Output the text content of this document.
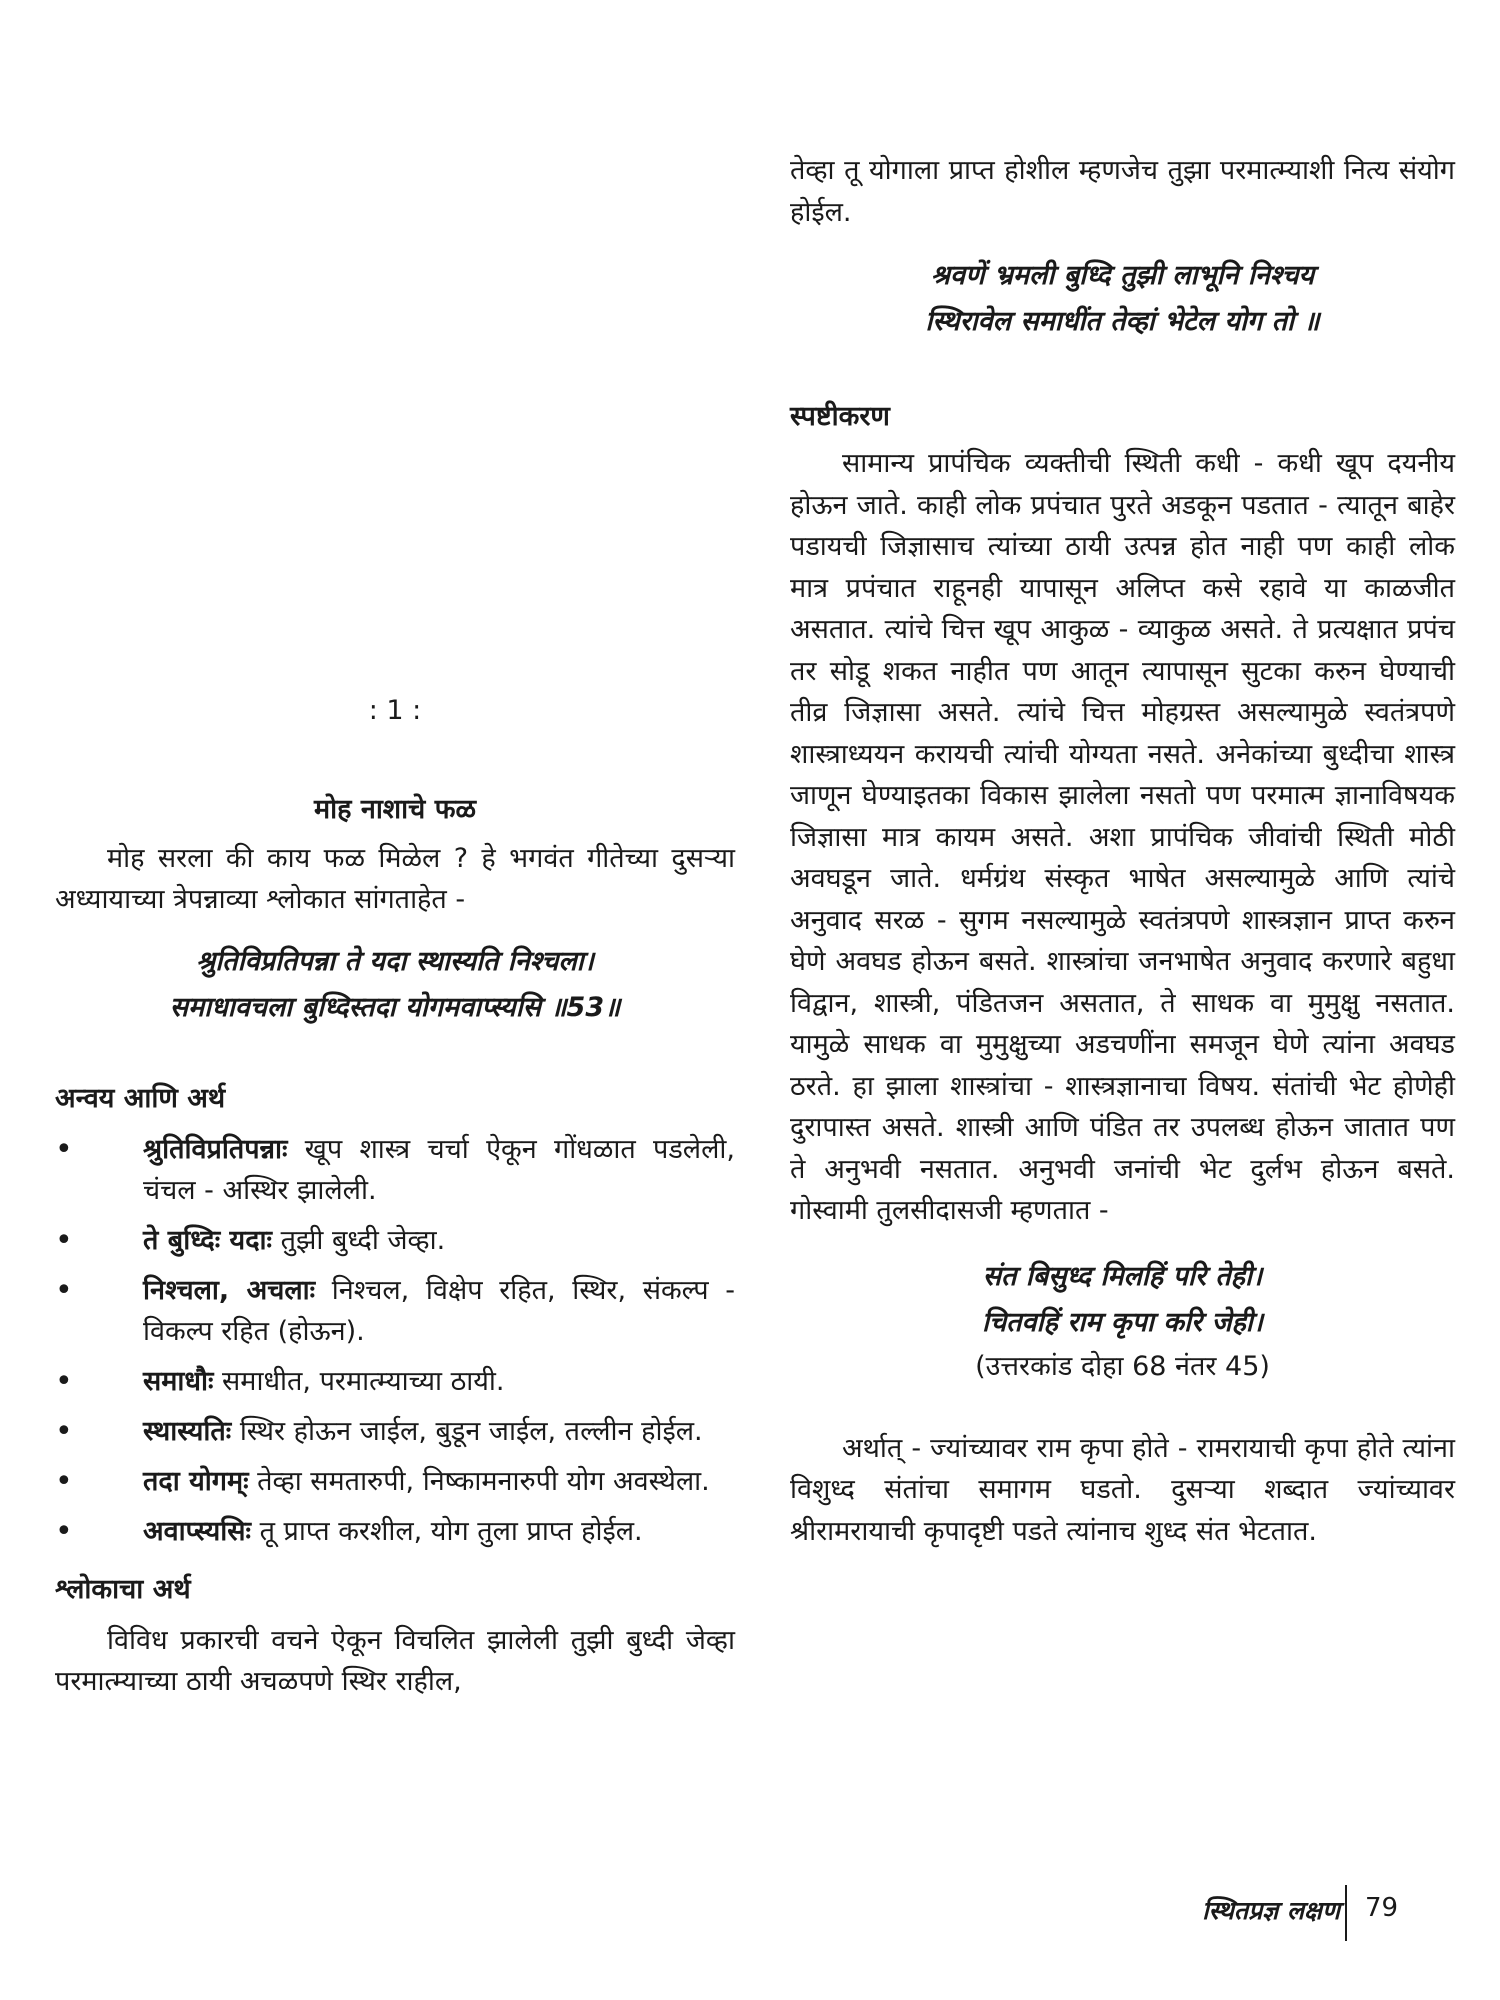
तेव्हा तू योगाला प्राप्त होशील म्हणजेच तुझा परमात्म्याशी नित्य संयोग होईल.

श्रवणें भ्रमली बुध्दि तुझी लाभूनि निश्चय

स्थिरावेल समाधींत तेव्हां भेटेल योग तो ॥

स्पष्टीकरण

सामान्य प्रापंचिक व्यक्तीची स्थिती कधी - कधी खूप दयनीय होऊन जाते. काही लोक प्रपंचात पुरते अडकून पडतात - त्यातून बाहेर पडायची जिज्ञासाच त्यांच्या ठायी उत्पन्न होत नाही पण काही लोक मात्र प्रपंचात राहूनही यापासून अलिप्त कसे रहावे या काळजीत असतात. त्यांचे चित्त खूप आकुळ - व्याकुळ असते. ते प्रत्यक्षात प्रपंच तर सोडू शकत नाहीत पण आतून त्यापासून सुटका करुन घेण्याची तीव्र जिज्ञासा असते. त्यांचे चित्त मोहग्रस्त असल्यामुळे स्वतंत्रपणे शास्त्राध्ययन करायची त्यांची योग्यता नसते. अनेकांच्या बुध्दीचा शास्त्र जाणून घेण्याइतका विकास झालेला नसतो पण परमात्म ज्ञानाविषयक जिज्ञासा मात्र कायम असते. अशा प्रापंचिक जीवांची स्थिती मोठी अवघडून जाते. धर्मग्रंथ संस्कृत भाषेत असल्यामुळे आणि त्यांचे अनुवाद सरळ - सुगम नसल्यामुळे स्वतंत्रपणे शास्त्रज्ञान प्राप्त करुन घेणे अवघड होऊन बसते. शास्त्रांचा जनभाषेत अनुवाद करणारे बहुधा विद्वान, शास्त्री, पंडितजन असतात, ते साधक वा मुमुक्षु नसतात. यामुळे साधक वा मुमुक्षुच्या अडचणींना समजून घेणे त्यांना अवघड ठरते. हा झाला शास्त्रांचा - शास्त्रज्ञानाचा विषय. संतांची भेट होणेही दुरापास्त असते. शास्त्री आणि पंडित तर उपलब्ध होऊन जातात पण ते अनुभवी नसतात. अनुभवी जनांची भेट दुर्लभ होऊन बसते. गोस्वामी तुलसीदासजी म्हणतात -

संत बिसुध्द मिलहिं परि तेही।

चितवहिं राम कृपा करि जेही।

(उत्तरकांड दोहा 68 नंतर 45)

अर्थात् - ज्यांच्यावर राम कृपा होते - रामरायाची कृपा होते त्यांना विशुध्द संतांचा समागम घडतो. दुसऱ्या शब्दात ज्यांच्यावर श्रीरामरायाची कृपादृष्टी पडते त्यांनाच शुध्द संत भेटतात.

: 1 :

मोह नाशाचे फळ

मोह सरला की काय फळ मिळेल ? हे भगवंत गीतेच्या दुसऱ्या अध्यायाच्या त्रेपन्नाव्या श्लोकात सांगताहेत -

श्रुतिविप्रतिपन्ना ते यदा स्थास्यति निश्चला।

समाधावचला बुध्दिस्तदा योगमवाप्स्यसि ॥53॥

अन्वय आणि अर्थ

•	श्रुतिविप्रतिपन्नाः खूप शास्त्र चर्चा ऐकून गोंधळात पडलेली, चंचल - अस्थिर झालेली.
•	ते बुध्दिः यदाः तुझी बुध्दी जेव्हा.
•	निश्चला, अचलाः निश्चल, विक्षेप रहित, स्थिर, संकल्प - विकल्प रहित (होऊन).
•	समाधौः समाधीत, परमात्म्याच्या ठायी.
•	स्थास्यतिः स्थिर होऊन जाईल, बुडून जाईल, तल्लीन होईल.
•	तदा योगम्ः तेव्हा समतारुपी, निष्कामनारुपी योग अवस्थेला.
•	अवाप्स्यसिः तू प्राप्त करशील, योग तुला प्राप्त होईल.

श्लोकाचा अर्थ

विविध प्रकारची वचने ऐकून विचलित झालेली तुझी बुध्दी जेव्हा परमात्म्याच्या ठायी अचळपणे स्थिर राहील,

स्थितप्रज्ञ लक्षण 79
